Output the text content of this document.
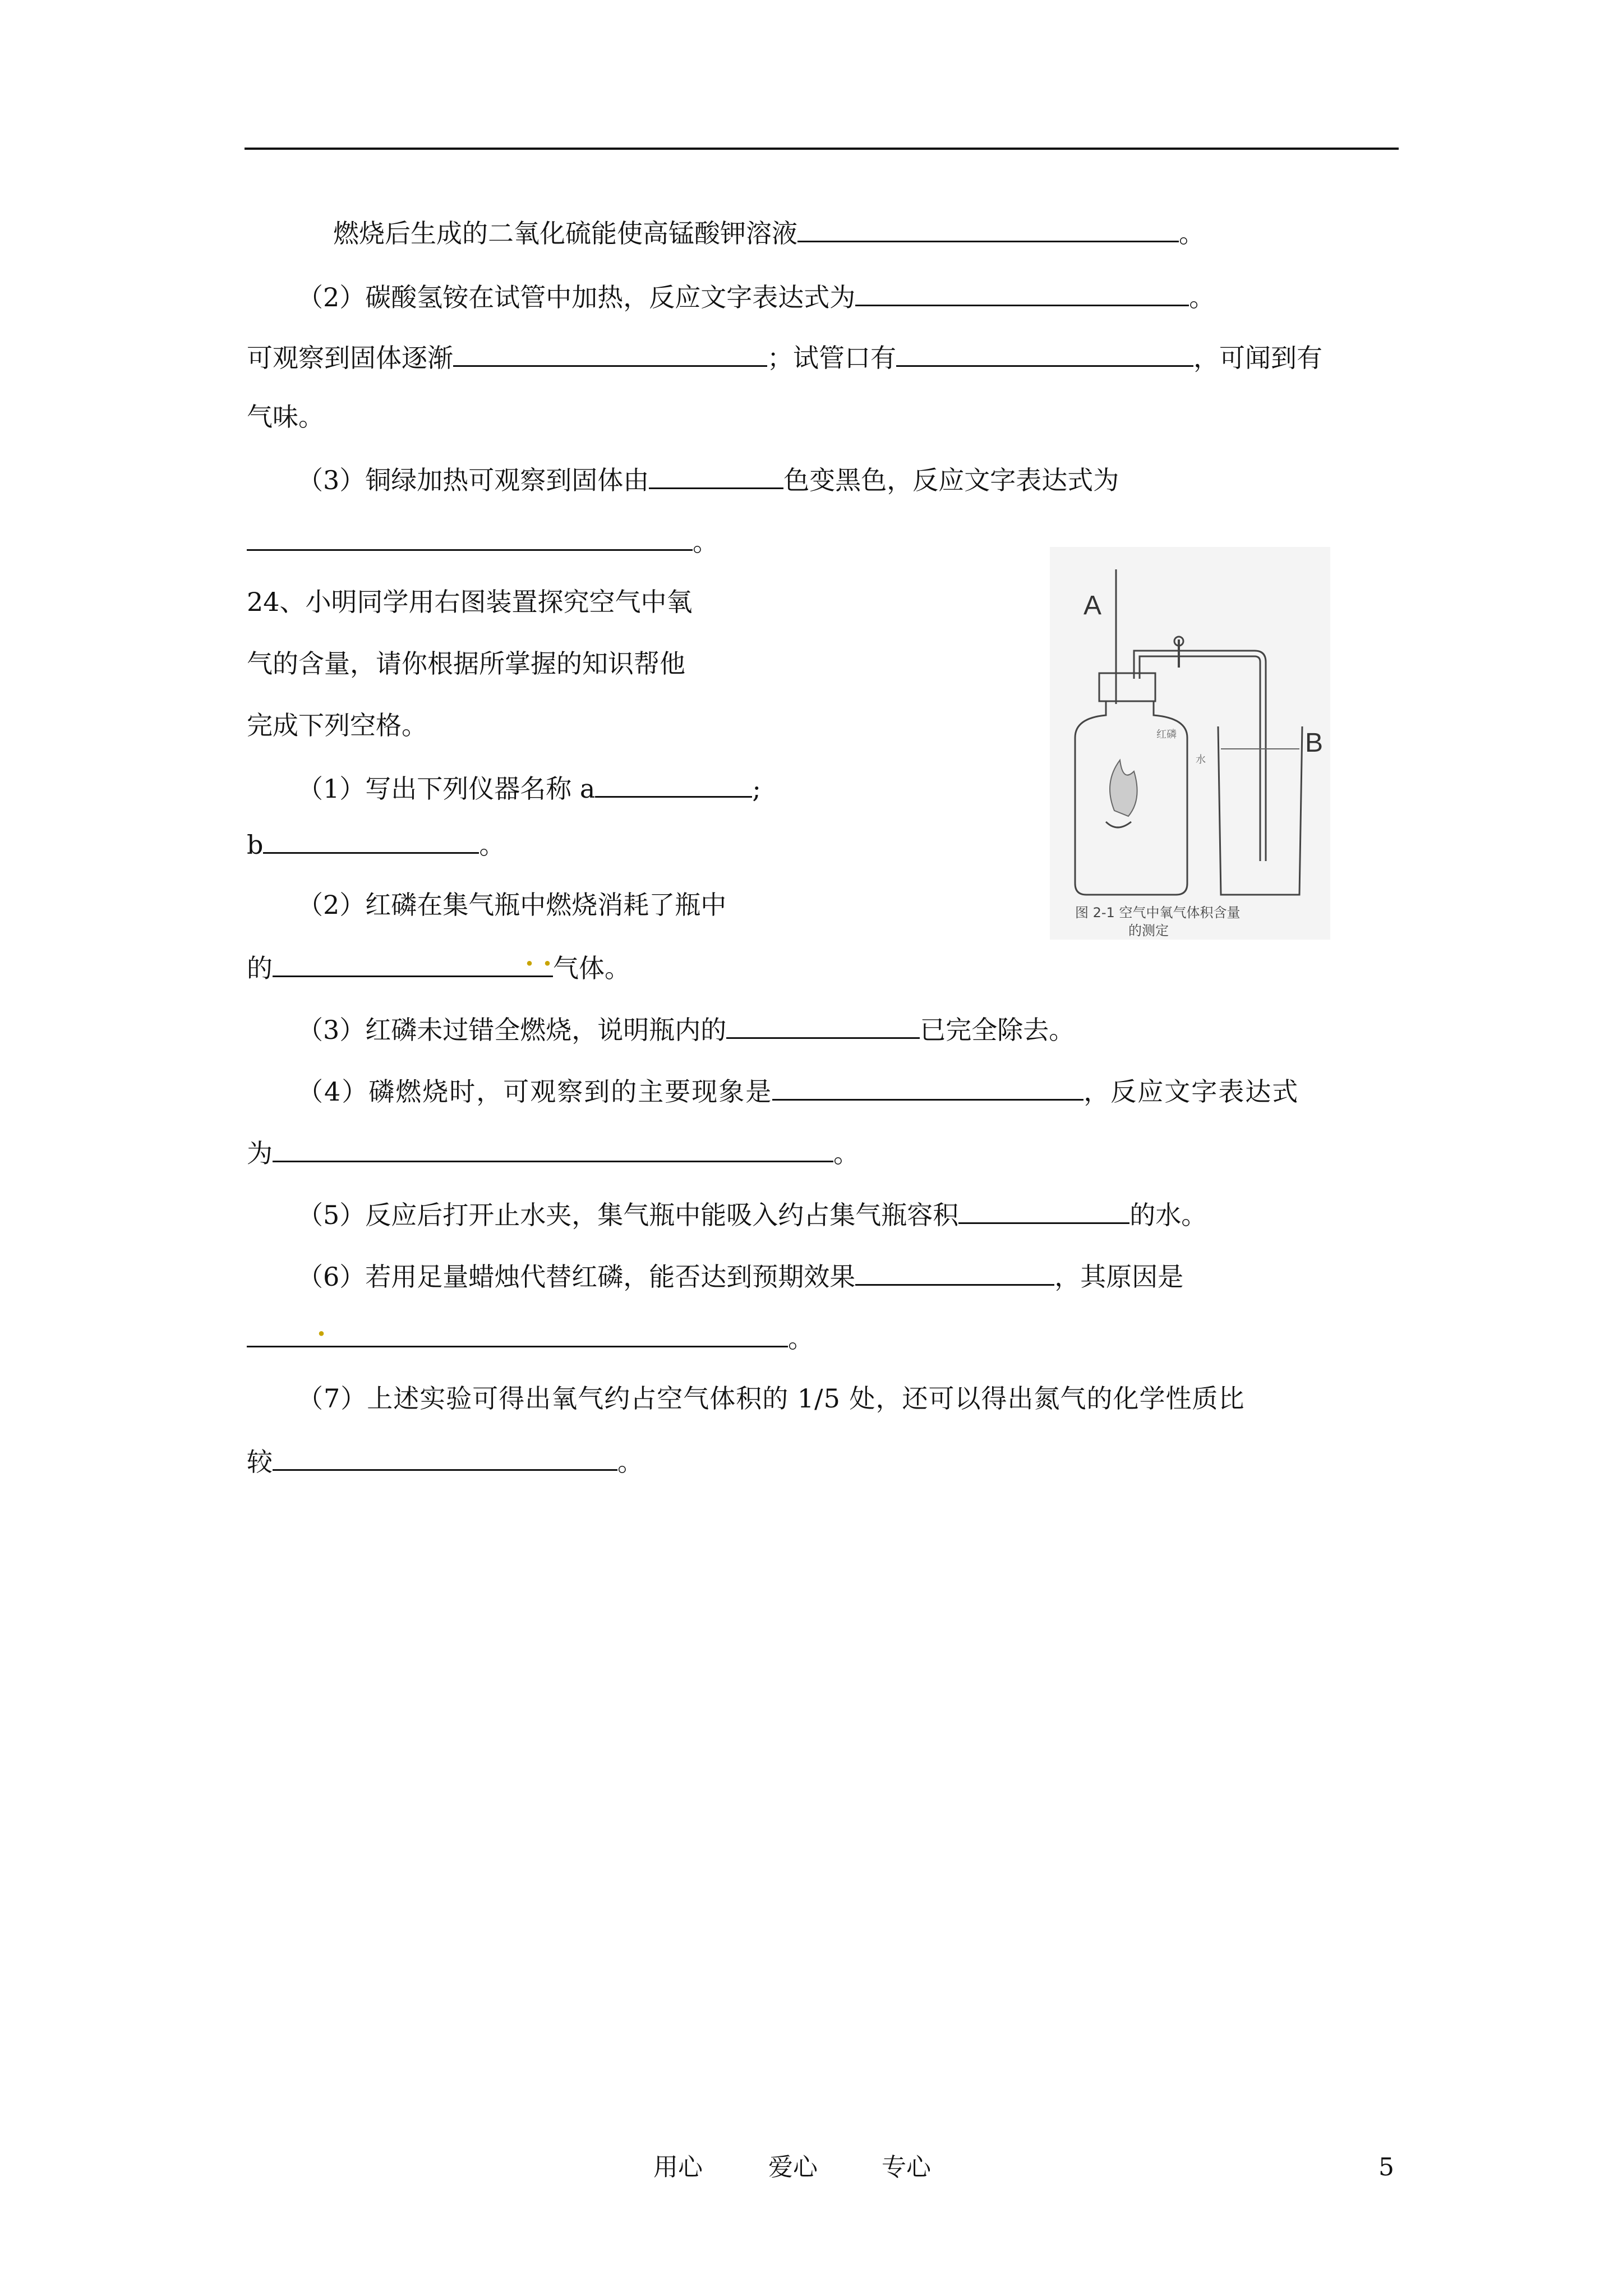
燃烧后生成的二氧化硫能使高锰酸钾溶液	。
（2）碳酸氢铵在试管中加热，反应文字表达式为	。
可观察到固体逐渐	；试管口有	，可闻到有
气味。
（3）铜绿加热可观察到固体由	色变黑色，反应文字表达式为
。
24、小明同学用右图装置探究空气中氧
气的含量，请你根据所掌握的知识帮他
完成下列空格。
（1）写出下列仪器名称 a	;
b	。
（2）红磷在集气瓶中燃烧消耗了瓶中
的	. . 气体。
（3）红磷未过错全燃烧，说明瓶内的	已完全除去。
（4）磷燃烧时，可观察到的主要现象是	，反应文字表达式
为	。
（5）反应后打开止水夹，集气瓶中能吸入约占集气瓶容积	的水。
（6）若用足量蜡烛代替红磷，能否达到预期效果	，其原因是
.	。
（7）上述实验可得出氧气约占空气体积的 1/5 处，还可以得出氮气的化学性质比
较	。
A
B
红磷
水
图 2-1 空气中氧气体积含量
的测定
用心	爱心	专心	5
